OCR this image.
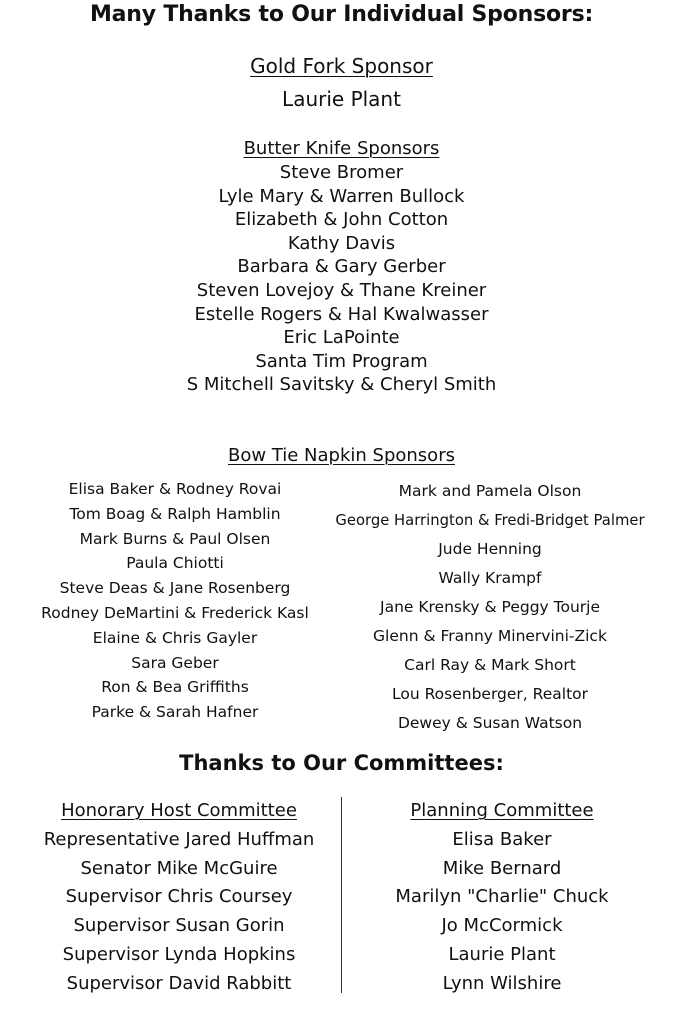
Many Thanks to Our Individual Sponsors:
Gold Fork Sponsor
Laurie Plant
Butter Knife Sponsors
Steve Bromer
Lyle Mary & Warren Bullock
Elizabeth & John Cotton
Kathy Davis
Barbara & Gary Gerber
Steven Lovejoy & Thane Kreiner
Estelle Rogers & Hal Kwalwasser
Eric LaPointe
Santa Tim Program
S Mitchell Savitsky & Cheryl Smith
Bow Tie Napkin Sponsors
Elisa Baker & Rodney Rovai
Tom Boag & Ralph Hamblin
Mark Burns & Paul Olsen
Paula Chiotti
Steve Deas & Jane Rosenberg
Rodney DeMartini & Frederick Kasl
Elaine & Chris Gayler
Sara Geber
Ron & Bea Griffiths
Parke & Sarah Hafner
Mark and Pamela Olson
George Harrington & Fredi-Bridget Palmer
Jude Henning
Wally Krampf
Jane Krensky & Peggy Tourje
Glenn & Franny Minervini-Zick
Carl Ray & Mark Short
Lou Rosenberger, Realtor
Dewey & Susan Watson
Thanks to Our Committees:
Honorary Host Committee
Representative Jared Huffman
Senator Mike McGuire
Supervisor Chris Coursey
Supervisor Susan Gorin
Supervisor Lynda Hopkins
Supervisor David Rabbitt
Planning Committee
Elisa Baker
Mike Bernard
Marilyn "Charlie" Chuck
Jo McCormick
Laurie Plant
Lynn Wilshire
